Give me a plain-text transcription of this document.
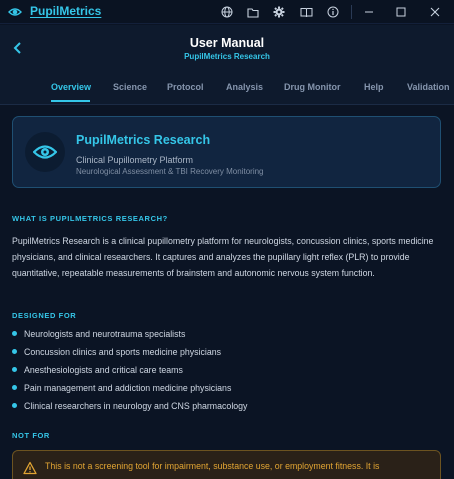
PupilMetrics
User Manual
PupilMetrics Research
Overview Science Protocol Analysis Drug Monitor	Help	Validation
PupilMetrics Research
Clinical Pupillometry Platform
Neurological Assessment & TBI Recovery Monitoring
WHAT IS PUPILMETRICS RESEARCH?

PupilMetrics Research is a clinical pupillometry platform for neurologists, concussion clinics, sports medicine physicians, and clinical researchers. It captures and analyzes the pupillary light reflex (PLR) to provide quantitative, repeatable measurements of brainstem and autonomic nervous system function.

DESIGNED FOR
Neurologists and neurotrauma specialists
Concussion clinics and sports medicine physicians
Anesthesiologists and critical care teams
Pain management and addiction medicine physicians
Clinical researchers in neurology and CNS pharmacology
NOT FOR
This is not a screening tool for impairment, substance use, or employment fitness. It is
